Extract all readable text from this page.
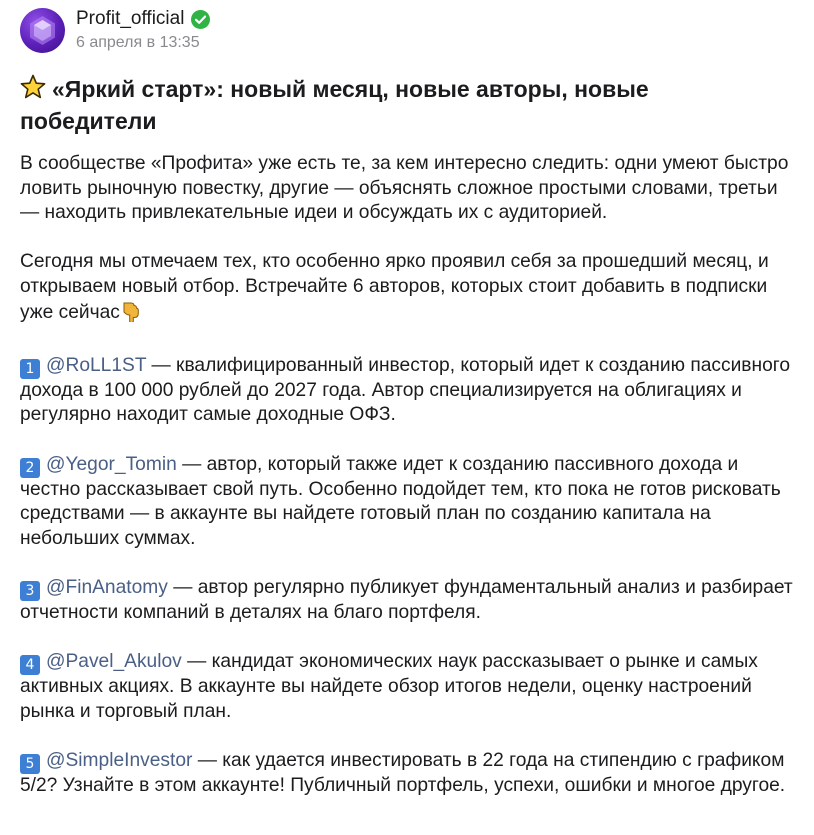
Profit_official
6 апреля в 13:35
«Яркий старт»: новый месяц, новые авторы, новые победители

В сообществе «Профита» уже есть те, за кем интересно следить: одни умеют быстро ловить рыночную повестку, другие — объяснять сложное простыми словами, третьи — находить привлекательные идеи и обсуждать их с аудиторией.

Сегодня мы отмечаем тех, кто особенно ярко проявил себя за прошедший месяц, и открываем новый отбор. Встречайте 6 авторов, которых стоит добавить в подписки уже сейчас

1 @RoLL1ST — квалифицированный инвестор, который идет к созданию пассивного дохода в 100 000 рублей до 2027 года. Автор специализируется на облигациях и регулярно находит самые доходные ОФЗ.

2 @Yegor_Tomin — автор, который также идет к созданию пассивного дохода и честно рассказывает свой путь. Особенно подойдет тем, кто пока не готов рисковать средствами — в аккаунте вы найдете готовый план по созданию капитала на небольших суммах.

3 @FinAnatomy — автор регулярно публикует фундаментальный анализ и разбирает отчетности компаний в деталях на благо портфеля.

4 @Pavel_Akulov — кандидат экономических наук рассказывает о рынке и самых активных акциях. В аккаунте вы найдете обзор итогов недели, оценку настроений рынка и торговый план.

5 @SimpleInvestor — как удается инвестировать в 22 года на стипендию с графиком 5/2? Узнайте в этом аккаунте! Публичный портфель, успехи, ошибки и многое другое.
